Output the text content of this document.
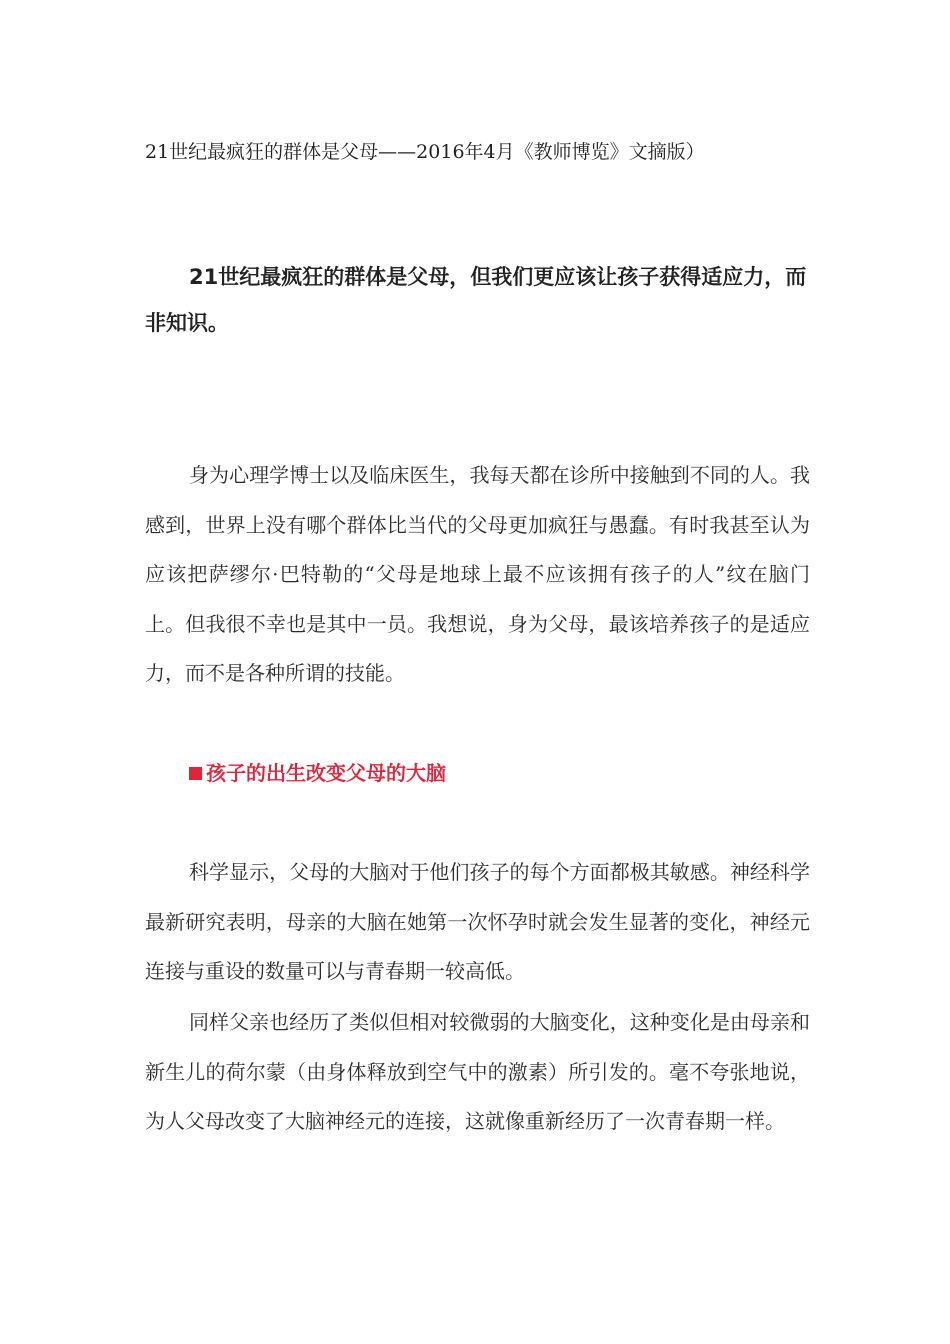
21世纪最疯狂的群体是父母——2016年4月《教师博览》文摘版）
21世纪最疯狂的群体是父母，但我们更应该让孩子获得适应力，而非知识。
身为心理学博士以及临床医生，我每天都在诊所中接触到不同的人。我感到，世界上没有哪个群体比当代的父母更加疯狂与愚蠢。有时我甚至认为应该把萨缪尔·巴特勒的“父母是地球上最不应该拥有孩子的人”纹在脑门上。但我很不幸也是其中一员。我想说，身为父母，最该培养孩子的是适应力，而不是各种所谓的技能。
孩子的出生改变父母的大脑
科学显示，父母的大脑对于他们孩子的每个方面都极其敏感。神经科学最新研究表明，母亲的大脑在她第一次怀孕时就会发生显著的变化，神经元连接与重设的数量可以与青春期一较高低。
同样父亲也经历了类似但相对较微弱的大脑变化，这种变化是由母亲和新生儿的荷尔蒙（由身体释放到空气中的激素）所引发的。毫不夸张地说，为人父母改变了大脑神经元的连接，这就像重新经历了一次青春期一样。
